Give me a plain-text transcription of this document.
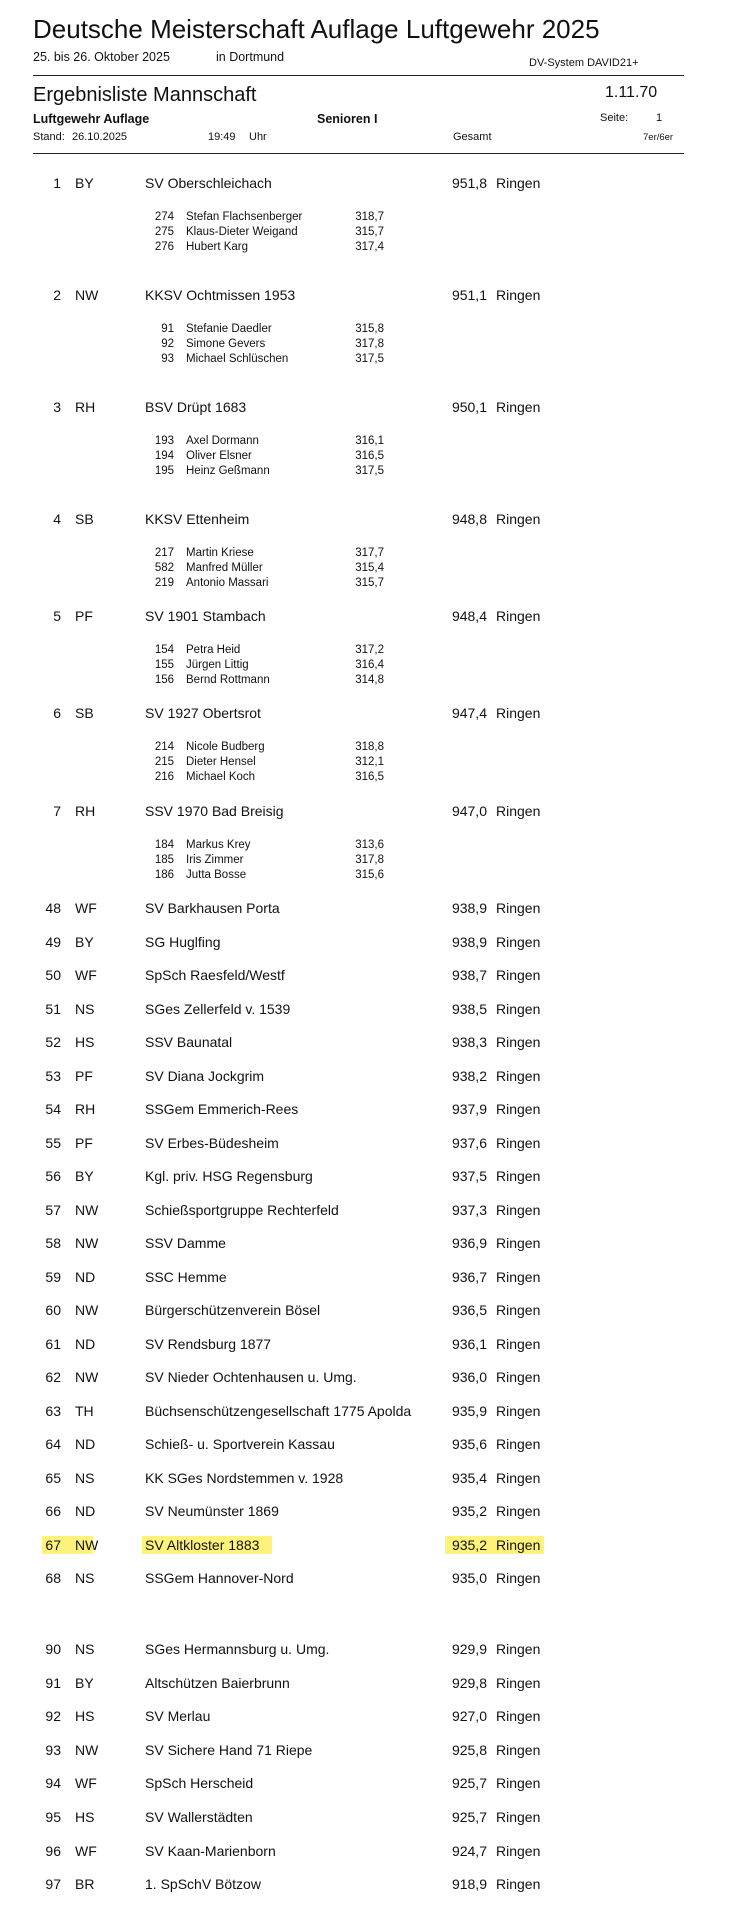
Deutsche Meisterschaft Auflage Luftgewehr 2025
25. bis 26. Oktober 2025	in Dortmund	DV-System DAVID21+
Ergebnisliste Mannschaft	1.11.70
Luftgewehr Auflage	Senioren I	Seite:	1
Stand: 26.10.2025	19:49 Uhr	Gesamt	7er/6er
1 BY	SV Oberschleichach	951,8 Ringen
274 Stefan Flachsenberger	318,7
275 Klaus-Dieter Weigand	315,7
276 Hubert Karg	317,4
2 NW	KKSV Ochtmissen 1953	951,1 Ringen
91 Stefanie Daedler	315,8
92 Simone Gevers	317,8
93 Michael Schlüschen	317,5
3 RH	BSV Drüpt 1683	950,1 Ringen
193 Axel Dormann	316,1
194 Oliver Elsner	316,5
195 Heinz Geßmann	317,5
4 SB	KKSV Ettenheim	948,8 Ringen
217 Martin Kriese	317,7
582 Manfred Müller	315,4
219 Antonio Massari	315,7
5 PF	SV 1901 Stambach	948,4 Ringen
154 Petra Heid	317,2
155 Jürgen Littig	316,4
156 Bernd Rottmann	314,8
6 SB	SV 1927 Obertsrot	947,4 Ringen
214 Nicole Budberg	318,8
215 Dieter Hensel	312,1
216 Michael Koch	316,5
7 RH	SSV 1970 Bad Breisig	947,0 Ringen
184 Markus Krey	313,6
185 Iris Zimmer	317,8
186 Jutta Bosse	315,6
48 WF	SV Barkhausen Porta	938,9 Ringen
49 BY	SG Huglfing	938,9 Ringen
50 WF	SpSch Raesfeld/Westf	938,7 Ringen
51 NS	SGes Zellerfeld v. 1539	938,5 Ringen
52 HS	SSV Baunatal	938,3 Ringen
53 PF	SV Diana Jockgrim	938,2 Ringen
54 RH	SSGem Emmerich-Rees	937,9 Ringen
55 PF	SV Erbes-Büdesheim	937,6 Ringen
56 BY	Kgl. priv. HSG Regensburg	937,5 Ringen
57 NW	Schießsportgruppe Rechterfeld	937,3 Ringen
58 NW	SSV Damme	936,9 Ringen
59 ND	SSC Hemme	936,7 Ringen
60 NW	Bürgerschützenverein Bösel	936,5 Ringen
61 ND	SV Rendsburg 1877	936,1 Ringen
62 NW	SV Nieder Ochtenhausen u. Umg.	936,0 Ringen
63 TH	Büchsenschützengesellschaft 1775 Apolda	935,9 Ringen
64 ND	Schieß- u. Sportverein Kassau	935,6 Ringen
65 NS	KK SGes Nordstemmen v. 1928	935,4 Ringen
66 ND	SV Neumünster 1869	935,2 Ringen
67 NW	SV Altkloster 1883	935,2 Ringen
68 NS	SSGem Hannover-Nord	935,0 Ringen
90 NS	SGes Hermannsburg u. Umg.	929,9 Ringen
91 BY	Altschützen Baierbrunn	929,8 Ringen
92 HS	SV Merlau	927,0 Ringen
93 NW	SV Sichere Hand 71 Riepe	925,8 Ringen
94 WF	SpSch Herscheid	925,7 Ringen
95 HS	SV Wallerstädten	925,7 Ringen
96 WF	SV Kaan-Marienborn	924,7 Ringen
97 BR	1. SpSchV Bötzow	918,9 Ringen
